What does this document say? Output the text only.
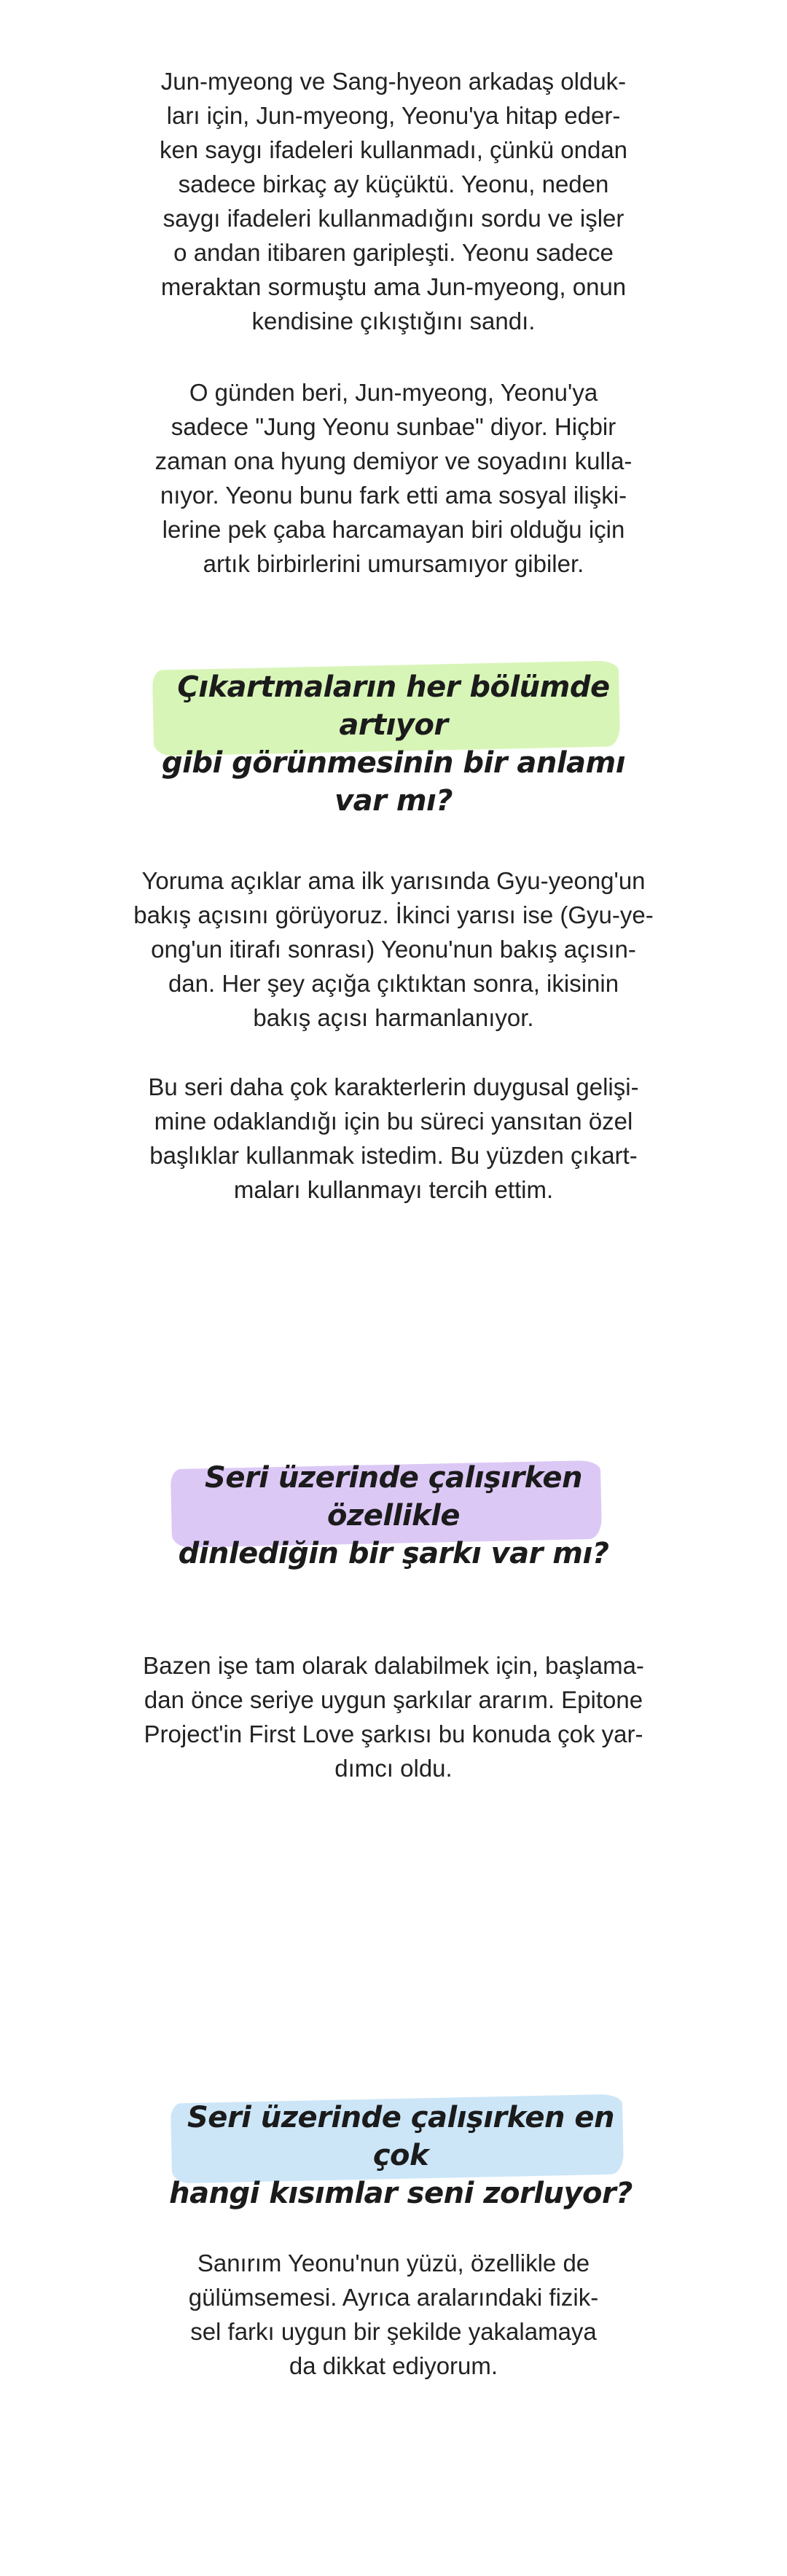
Jun-myeong ve Sang-hyeon arkadaş olduk-
ları için, Jun-myeong, Yeonu'ya hitap eder-
ken saygı ifadeleri kullanmadı, çünkü ondan
sadece birkaç ay küçüktü. Yeonu, neden
saygı ifadeleri kullanmadığını sordu ve işler
o andan itibaren garipleşti. Yeonu sadece
meraktan sormuştu ama Jun-myeong, onun
kendisine çıkıştığını sandı.

O günden beri, Jun-myeong, Yeonu'ya
sadece "Jung Yeonu sunbae" diyor. Hiçbir
zaman ona hyung demiyor ve soyadını kulla-
nıyor. Yeonu bunu fark etti ama sosyal ilişki-
lerine pek çaba harcamayan biri olduğu için
artık birbirlerini umursamıyor gibiler.

Çıkartmaların her bölümde artıyor
gibi görünmesinin bir anlamı var mı?

Yoruma açıklar ama ilk yarısında Gyu-yeong'un
bakış açısını görüyoruz. İkinci yarısı ise (Gyu-ye-
ong'un itirafı sonrası) Yeonu'nun bakış açısın-
dan. Her şey açığa çıktıktan sonra, ikisinin
bakış açısı harmanlanıyor.

Bu seri daha çok karakterlerin duygusal gelişi-
mine odaklandığı için bu süreci yansıtan özel
başlıklar kullanmak istedim. Bu yüzden çıkart-
maları kullanmayı tercih ettim.

Seri üzerinde çalışırken özellikle
dinlediğin bir şarkı var mı?

Bazen işe tam olarak dalabilmek için, başlama-
dan önce seriye uygun şarkılar ararım. Epitone
Project'in First Love şarkısı bu konuda çok yar-
dımcı oldu.

Seri üzerinde çalışırken en çok
hangi kısımlar seni zorluyor?

Sanırım Yeonu'nun yüzü, özellikle de
gülümsemesi. Ayrıca aralarındaki fizik-
sel farkı uygun bir şekilde yakalamaya
da dikkat ediyorum.
